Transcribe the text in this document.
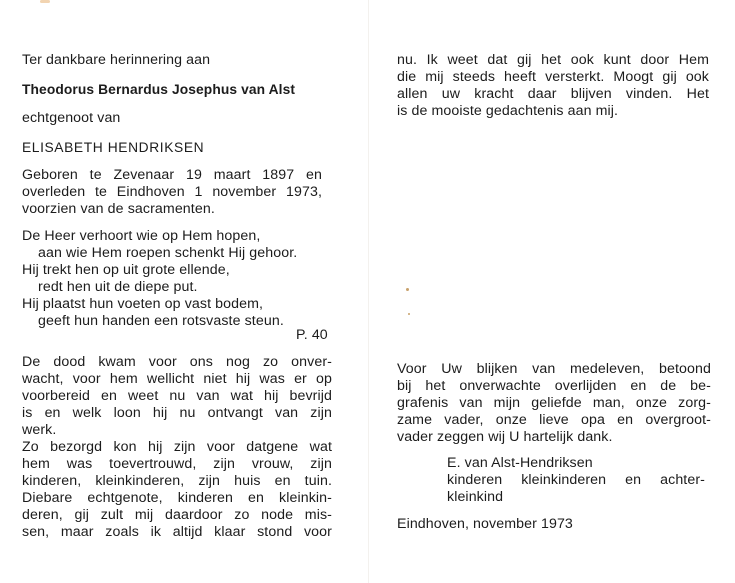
Ter dankbare herinnering aan
Theodorus Bernardus Josephus van Alst
echtgenoot van
ELISABETH HENDRIKSEN
Geboren te Zevenaar 19 maart 1897 en
overleden te Eindhoven 1 november 1973,
voorzien van de sacramenten.
De Heer verhoort wie op Hem hopen,
aan wie Hem roepen schenkt Hij gehoor.
Hij trekt hen op uit grote ellende,
redt hen uit de diepe put.
Hij plaatst hun voeten op vast bodem,
geeft hun handen een rotsvaste steun.
P. 40
De dood kwam voor ons nog zo onver-
wacht, voor hem wellicht niet hij was er op
voorbereid en weet nu van wat hij bevrijd
is en welk loon hij nu ontvangt van zijn
werk.
Zo bezorgd kon hij zijn voor datgene wat
hem was toevertrouwd, zijn vrouw, zijn
kinderen, kleinkinderen, zijn huis en tuin.
Diebare echtgenote, kinderen en kleinkin-
deren, gij zult mij daardoor zo node mis-
sen, maar zoals ik altijd klaar stond voor
nu. Ik weet dat gij het ook kunt door Hem
die mij steeds heeft versterkt. Moogt gij ook
allen uw kracht daar blijven vinden. Het
is de mooiste gedachtenis aan mij.
Voor Uw blijken van medeleven, betoond
bij het onverwachte overlijden en de be-
grafenis van mijn geliefde man, onze zorg-
zame vader, onze lieve opa en overgroot-
vader zeggen wij U hartelijk dank.
E. van Alst-Hendriksen
kinderen kleinkinderen en achter-
kleinkind
Eindhoven, november 1973
